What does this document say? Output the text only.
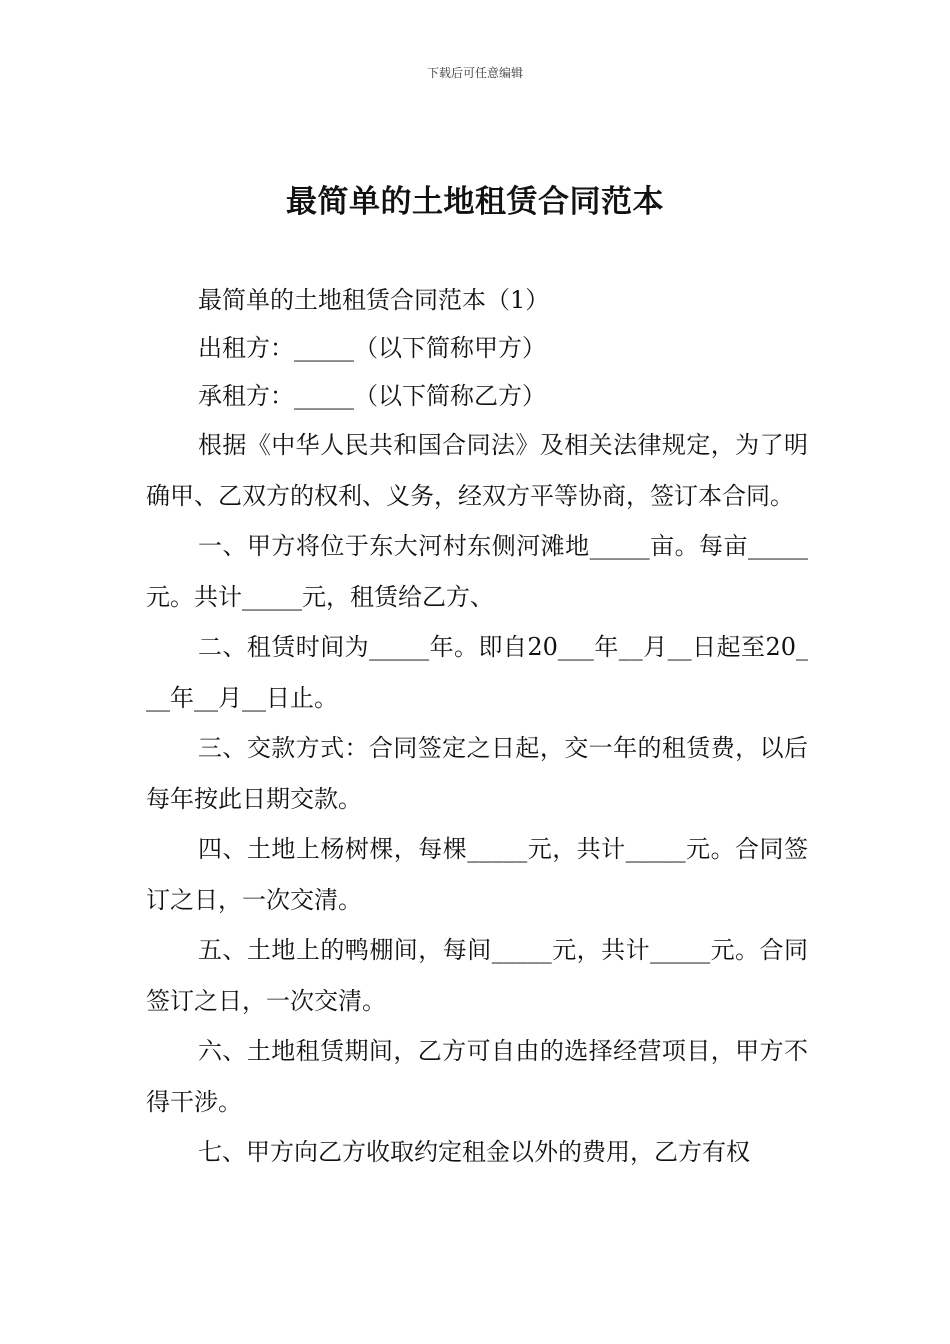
下载后可任意编辑
最简单的土地租赁合同范本

最简单的土地租赁合同范本（1）

出租方：_____（以下简称甲方）

承租方：_____（以下简称乙方）

根据《中华人民共和国合同法》及相关法律规定，为了明确甲、乙双方的权利、义务，经双方平等协商，签订本合同。

一、甲方将位于东大河村东侧河滩地_____亩。每亩_____元。共计_____元，租赁给乙方、

二、租赁时间为_____年。即自20___年__月__日起至20___年__月__日止。

三、交款方式：合同签定之日起，交一年的租赁费，以后每年按此日期交款。

四、土地上杨树棵，每棵_____元，共计_____元。合同签订之日，一次交清。

五、土地上的鸭棚间，每间_____元，共计_____元。合同签订之日，一次交清。

六、土地租赁期间，乙方可自由的选择经营项目，甲方不得干涉。

七、甲方向乙方收取约定租金以外的费用，乙方有权
